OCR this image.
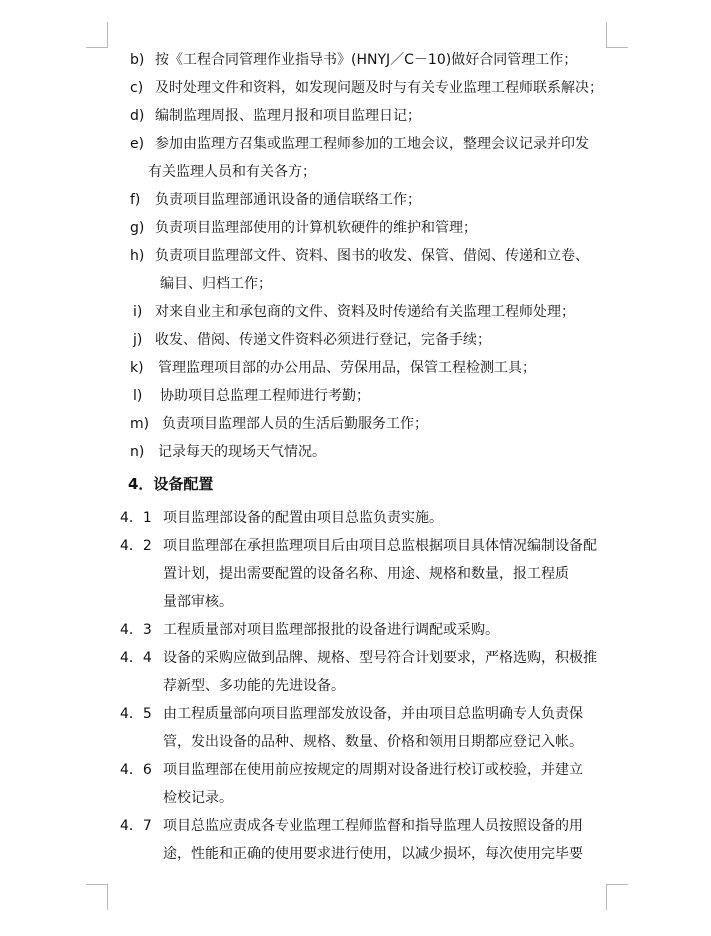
b) 按《工程合同管理作业指导书》(HNYJ／C－10)做好合同管理工作；
c) 及时处理文件和资料，如发现问题及时与有关专业监理工程师联系解决；
d) 编制监理周报、监理月报和项目监理日记；
e) 参加由监理方召集或监理工程师参加的工地会议，整理会议记录并印发
有关监理人员和有关各方；
f) 负责项目监理部通讯设备的通信联络工作；
g) 负责项目监理部使用的计算机软硬件的维护和管理；
h) 负责项目监理部文件、资料、图书的收发、保管、借阅、传递和立卷、
编目、归档工作；
i) 对来自业主和承包商的文件、资料及时传递给有关监理工程师处理；
j) 收发、借阅、传递文件资料必须进行登记，完备手续；
k) 管理监理项目部的办公用品、劳保用品，保管工程检测工具；
l) 协助项目总监理工程师进行考勤；
m) 负责项目监理部人员的生活后勤服务工作；
n) 记录每天的现场天气情况。
4．设备配置
4．1 项目监理部设备的配置由项目总监负责实施。
4．2 项目监理部在承担监理项目后由项目总监根据项目具体情况编制设备配
置计划，提出需要配置的设备名称、用途、规格和数量，报工程质
量部审核。
4．3 工程质量部对项目监理部报批的设备进行调配或采购。
4．4 设备的采购应做到品牌、规格、型号符合计划要求，严格选购，积极推
荐新型、多功能的先进设备。
4．5 由工程质量部向项目监理部发放设备，并由项目总监明确专人负责保
管，发出设备的品种、规格、数量、价格和领用日期都应登记入帐。
4．6 项目监理部在使用前应按规定的周期对设备进行校订或校验，并建立
检校记录。
4．7 项目总监应责成各专业监理工程师监督和指导监理人员按照设备的用
途，性能和正确的使用要求进行使用，以减少损坏，每次使用完毕要
